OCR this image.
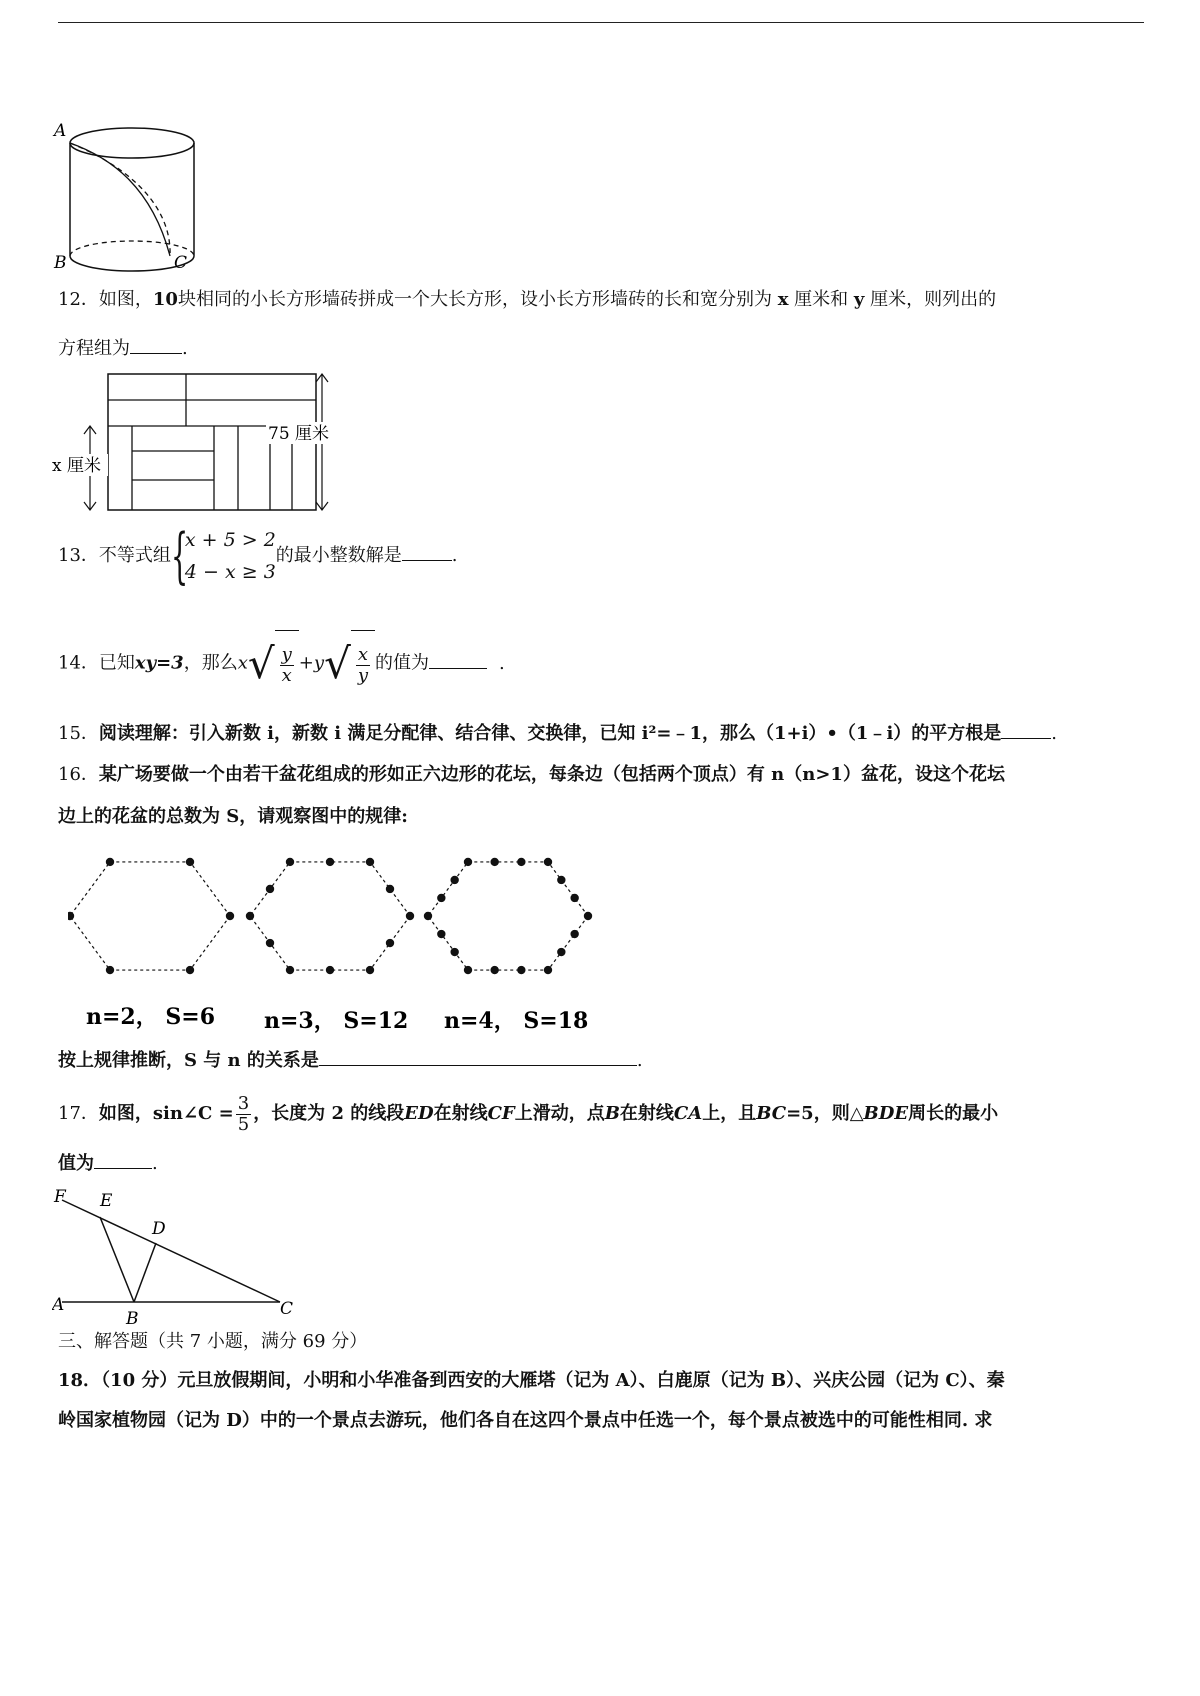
A
B	C
12．如图，10块相同的小长方形墙砖拼成一个大长方形，设小长方形墙砖的长和宽分别为 x 厘米和 y 厘米，则列出的
方程组为	.
75 厘米
x 厘米
13．不等式组 {
x + 5 > 2
4 − x ≥ 3
的最小整数解是	.
14．已知xy=3，那么$x√ \frac{y}{x} +y√ \frac{x}{y}$ 的值为	.
15．阅读理解：引入新数 i，新数 i 满足分配律、结合律、交换律，已知 i²=﹣1，那么（1+i）•（1﹣i）的平方根是	.
16．某广场要做一个由若干盆花组成的形如正六边形的花坛，每条边（包括两个顶点）有 n（n>1）盆花，设这个花坛
边上的花盆的总数为 S，请观察图中的规律:
n=2， S=6 n=3， S=12 n=4， S=18
按上规律推断，S 与 n 的关系是	.
17．如图，sin∠C = $\frac{3}{5}$ ，长度为 2 的线段ED在射线CF上滑动，点B在射线CA上，且BC=5，则△BDE周长的最小
值为	.
F E
D
A
B	C
三、解答题（共 7 小题，满分 69 分）
18．（10 分）元旦放假期间，小明和小华准备到西安的大雁塔（记为 A）、白鹿原（记为 B）、兴庆公园（记为 C）、秦
岭国家植物园（记为 D）中的一个景点去游玩，他们各自在这四个景点中任选一个，每个景点被选中的可能性相同. 求
